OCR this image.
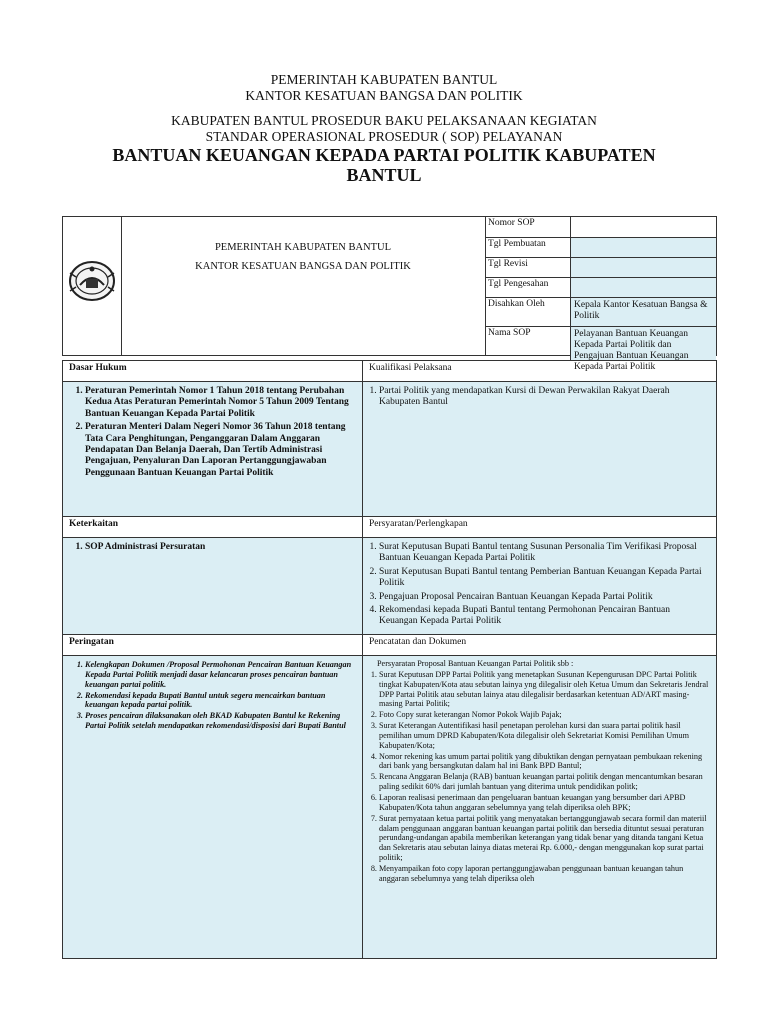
PEMERINTAH KABUPATEN BANTUL
KANTOR KESATUAN BANGSA DAN POLITIK
KABUPATEN BANTUL PROSEDUR BAKU PELAKSANAAN KEGIATAN
STANDAR OPERASIONAL PROSEDUR ( SOP) PELAYANAN
BANTUAN KEUANGAN KEPADA PARTAI POLITIK KABUPATEN
BANTUL
PEMERINTAH KABUPATEN BANTUL
KANTOR KESATUAN BANGSA DAN POLITIK
Nomor SOP
Tgl Pembuatan
Tgl Revisi
Tgl Pengesahan
Disahkan Oleh	Kepala Kantor Kesatuan Bangsa & Politik
Nama SOP	Pelayanan Bantuan Keuangan Kepada Partai Politik dan Pengajuan Bantuan Keuangan Kepada Partai Politik
Dasar Hukum	Kualifikasi Pelaksana
1. Peraturan Pemerintah Nomor 1 Tahun 2018 tentang Perubahan Kedua Atas Peraturan Pemerintah Nomor 5 Tahun 2009 Tentang Bantuan Keuangan Kepada Partai Politik
2. Peraturan Menteri Dalam Negeri Nomor 36 Tahun 2018 tentang Tata Cara Penghitungan, Penganggaran Dalam Anggaran Pendapatan Dan Belanja Daerah, Dan Tertib Administrasi Pengajuan, Penyaluran Dan Laporan Pertanggungjawaban Penggunaan Bantuan Keuangan Partai Politik
1. Partai Politik yang mendapatkan Kursi di Dewan Perwakilan Rakyat Daerah Kabupaten Bantul
Keterkaitan	Persyaratan/Perlengkapan
1. SOP Administrasi Persuratan
1.	Surat Keputusan Bupati Bantul tentang Susunan Personalia Tim Verifikasi Proposal Bantuan Keuangan Kepada Partai Politik
2. Surat Keputusan Bupati Bantul tentang Pemberian Bantuan Keuangan Kepada Partai Politik
3. Pengajuan Proposal Pencairan Bantuan Keuangan Kepada Partai Politik
4. Rekomendasi kepada Bupati Bantul tentang Permohonan Pencairan Bantuan Keuangan Kepada Partai Politik
Peringatan	Pencatatan dan Dokumen
1. Kelengkapan Dokumen /Proposal Permohonan Pencairan Bantuan Keuangan Kepada Partai Politik menjadi dasar kelancaran proses pencairan bantuan keuangan partai politik.
2. Rekomendasi kepada Bupati Bantul untuk segera mencairkan bantuan keuangan kepada partai politik.
3. Proses pencairan dilaksanakan oleh BKAD Kabupaten Bantul ke Rekening Partai Politik setelah mendapatkan rekomendasi/disposisi dari Bupati Bantul
Persyaratan Proposal Bantuan Keuangan Partai Politik sbb :
1. Surat Keputusan DPP Partai Politik yang menetapkan Susunan Kepengurusan DPC Partai Politik tingkat Kabupaten/Kota atau sebutan lainya yng dilegalisir oleh Ketua Umum dan Sekretaris Jendral DPP Partai Politik atau sebutan lainya atau dilegalisir berdasarkan ketentuan AD/ART masing-masing Partai Politik;
2. Foto Copy surat keterangan Nomor Pokok Wajib Pajak;
3. Surat Keterangan Autentifikasi hasil penetapan perolehan kursi dan suara partai politik hasil pemilihan umum DPRD Kabupaten/Kota dilegalisir oleh Sekretariat Komisi Pemilihan Umum Kabupaten/Kota;
4. Nomor rekening kas umum partai politik yang dibuktikan dengan pernyataan pembukaan rekening dari bank yang bersangkutan dalam hal ini Bank BPD Bantul;
5. Rencana Anggaran Belanja (RAB) bantuan keuangan partai politik dengan mencantumkan besaran paling sedikit 60% dari jumlah bantuan yang diterima untuk pendidikan politk;
6. Laporan realisasi penerimaan dan pengeluaran bantuan keuangan yang bersumber dari APBD Kabupaten/Kota tahun anggaran sebelumnya yang telah diperiksa oleh BPK;
7. Surat pernyataan ketua partai politik yang menyatakan bertanggungjawab secara formil dan materiil dalam penggunaan anggaran bantuan keuangan partai politik dan bersedia dituntut sesuai peraturan perundang-undangan apabila memberikan keterangan yang tidak benar yang ditanda tangani Ketua dan Sekretaris atau sebutan lainya diatas meterai Rp. 6.000,- dengan menggunakan kop surat partai politik;
8. Menyampaikan foto copy laporan pertanggungjawaban penggunaan bantuan keuangan tahun anggaran sebelumnya yang telah diperiksa oleh
